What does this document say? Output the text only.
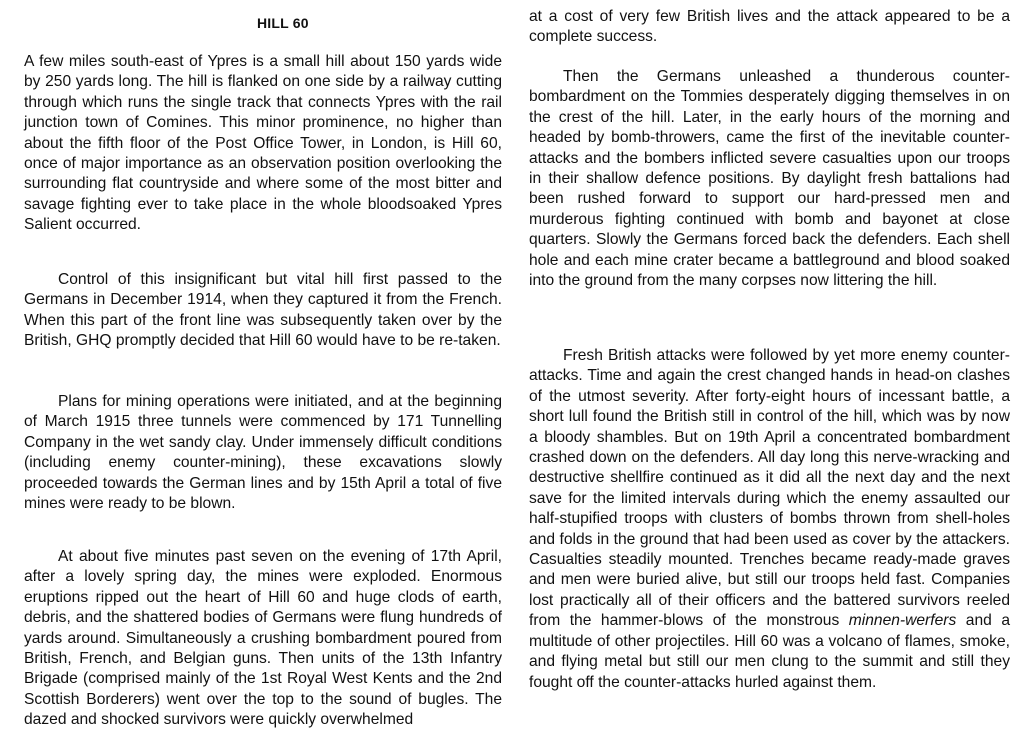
HILL 60

A few miles south-east of Ypres is a small hill about 150 yards wide by 250 yards long. The hill is flanked on one side by a railway cutting through which runs the single track that connects Ypres with the rail junction town of Comines. This minor prominence, no higher than about the fifth floor of the Post Office Tower, in London, is Hill 60, once of major importance as an observation position overlooking the surrounding flat countryside and where some of the most bitter and savage fighting ever to take place in the whole bloodsoaked Ypres Salient occurred.

Control of this insignificant but vital hill first passed to the Germans in December 1914, when they captured it from the French. When this part of the front line was subsequently taken over by the British, GHQ promptly decided that Hill 60 would have to be re-taken.

Plans for mining operations were initiated, and at the beginning of March 1915 three tunnels were commenced by 171 Tunnelling Company in the wet sandy clay. Under immensely difficult conditions (including enemy counter-mining), these excavations slowly proceeded towards the German lines and by 15th April a total of five mines were ready to be blown.

At about five minutes past seven on the evening of 17th April, after a lovely spring day, the mines were exploded. Enormous eruptions ripped out the heart of Hill 60 and huge clods of earth, debris, and the shattered bodies of Germans were flung hundreds of yards around. Simultaneously a crushing bombardment poured from British, French, and Belgian guns. Then units of the 13th Infantry Brigade (comprised mainly of the 1st Royal West Kents and the 2nd Scottish Borderers) went over the top to the sound of bugles. The dazed and shocked survivors were quickly overwhelmed

at a cost of very few British lives and the attack appeared to be a complete success.

Then the Germans unleashed a thunderous counter-bombardment on the Tommies desperately digging themselves in on the crest of the hill. Later, in the early hours of the morning and headed by bomb-throwers, came the first of the inevitable counter-attacks and the bombers inflicted severe casualties upon our troops in their shallow defence positions. By daylight fresh battalions had been rushed forward to support our hard-pressed men and murderous fighting continued with bomb and bayonet at close quarters. Slowly the Germans forced back the defenders. Each shell hole and each mine crater became a battleground and blood soaked into the ground from the many corpses now littering the hill.

Fresh British attacks were followed by yet more enemy counter-attacks. Time and again the crest changed hands in head-on clashes of the utmost severity. After forty-eight hours of incessant battle, a short lull found the British still in control of the hill, which was by now a bloody shambles. But on 19th April a concentrated bombardment crashed down on the defenders. All day long this nerve-wracking and destructive shellfire continued as it did all the next day and the next save for the limited intervals during which the enemy assaulted our half-stupified troops with clusters of bombs thrown from shell-holes and folds in the ground that had been used as cover by the attackers. Casualties steadily mounted. Trenches became ready-made graves and men were buried alive, but still our troops held fast. Companies lost practically all of their officers and the battered survivors reeled from the hammer-blows of the monstrous minnen-werfers and a multitude of other projectiles. Hill 60 was a volcano of flames, smoke, and flying metal but still our men clung to the summit and still they fought off the counter-attacks hurled against them.
